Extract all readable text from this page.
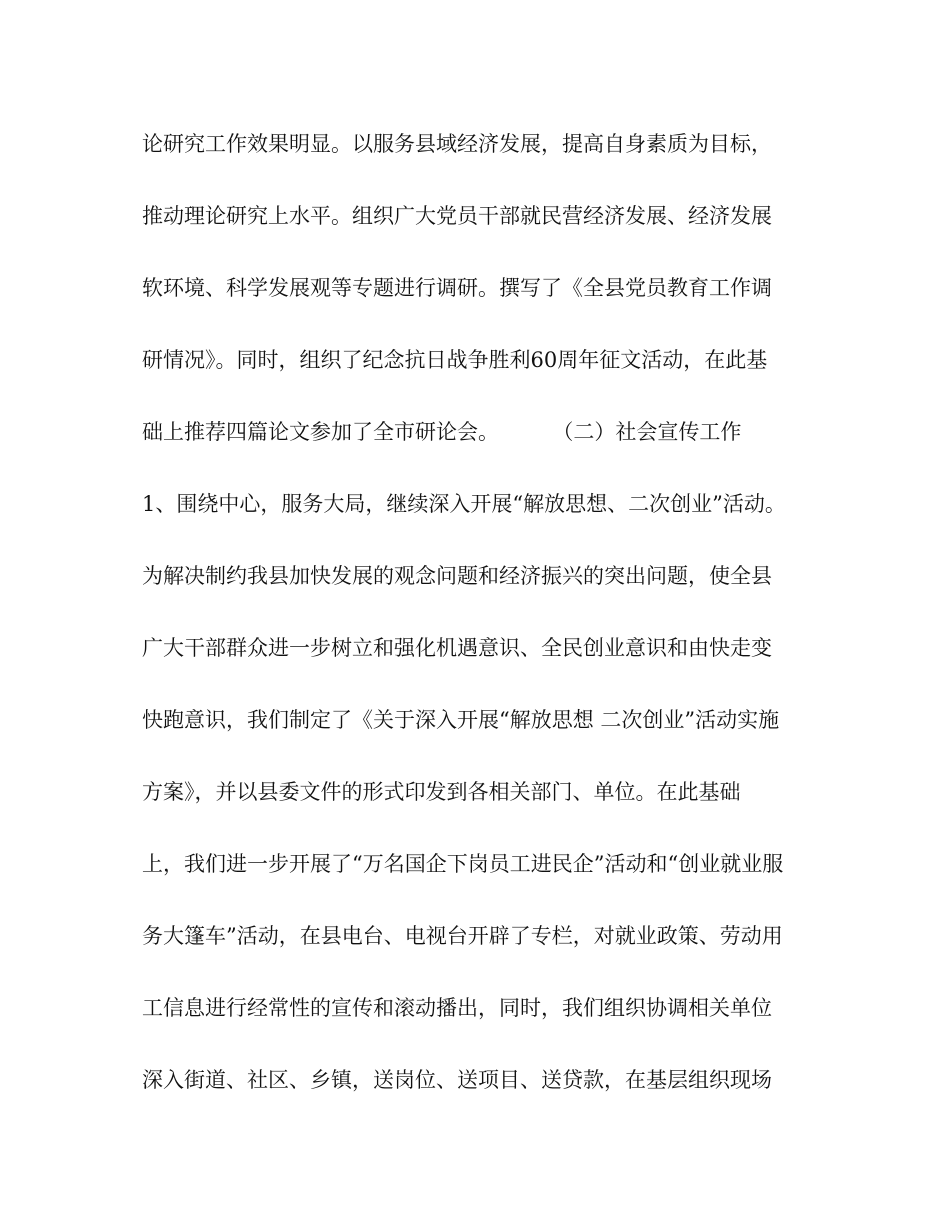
论研究工作效果明显。以服务县域经济发展，提高自身素质为目标，
推动理论研究上水平。组织广大党员干部就民营经济发展、经济发展
软环境、科学发展观等专题进行调研。撰写了《全县党员教育工作调
研情况》。同时，组织了纪念抗日战争胜利60周年征文活动，在此基
础上推荐四篇论文参加了全市研论会。        （二）社会宣传工作
1、围绕中心，服务大局，继续深入开展“解放思想、二次创业”活动。
为解决制约我县加快发展的观念问题和经济振兴的突出问题，使全县
广大干部群众进一步树立和强化机遇意识、全民创业意识和由快走变
快跑意识，我们制定了《关于深入开展“解放思想 二次创业”活动实施
方案》，并以县委文件的形式印发到各相关部门、单位。在此基础
上，我们进一步开展了“万名国企下岗员工进民企”活动和“创业就业服
务大篷车”活动，在县电台、电视台开辟了专栏，对就业政策、劳动用
工信息进行经常性的宣传和滚动播出，同时，我们组织协调相关单位
深入街道、社区、乡镇，送岗位、送项目、送贷款，在基层组织现场
